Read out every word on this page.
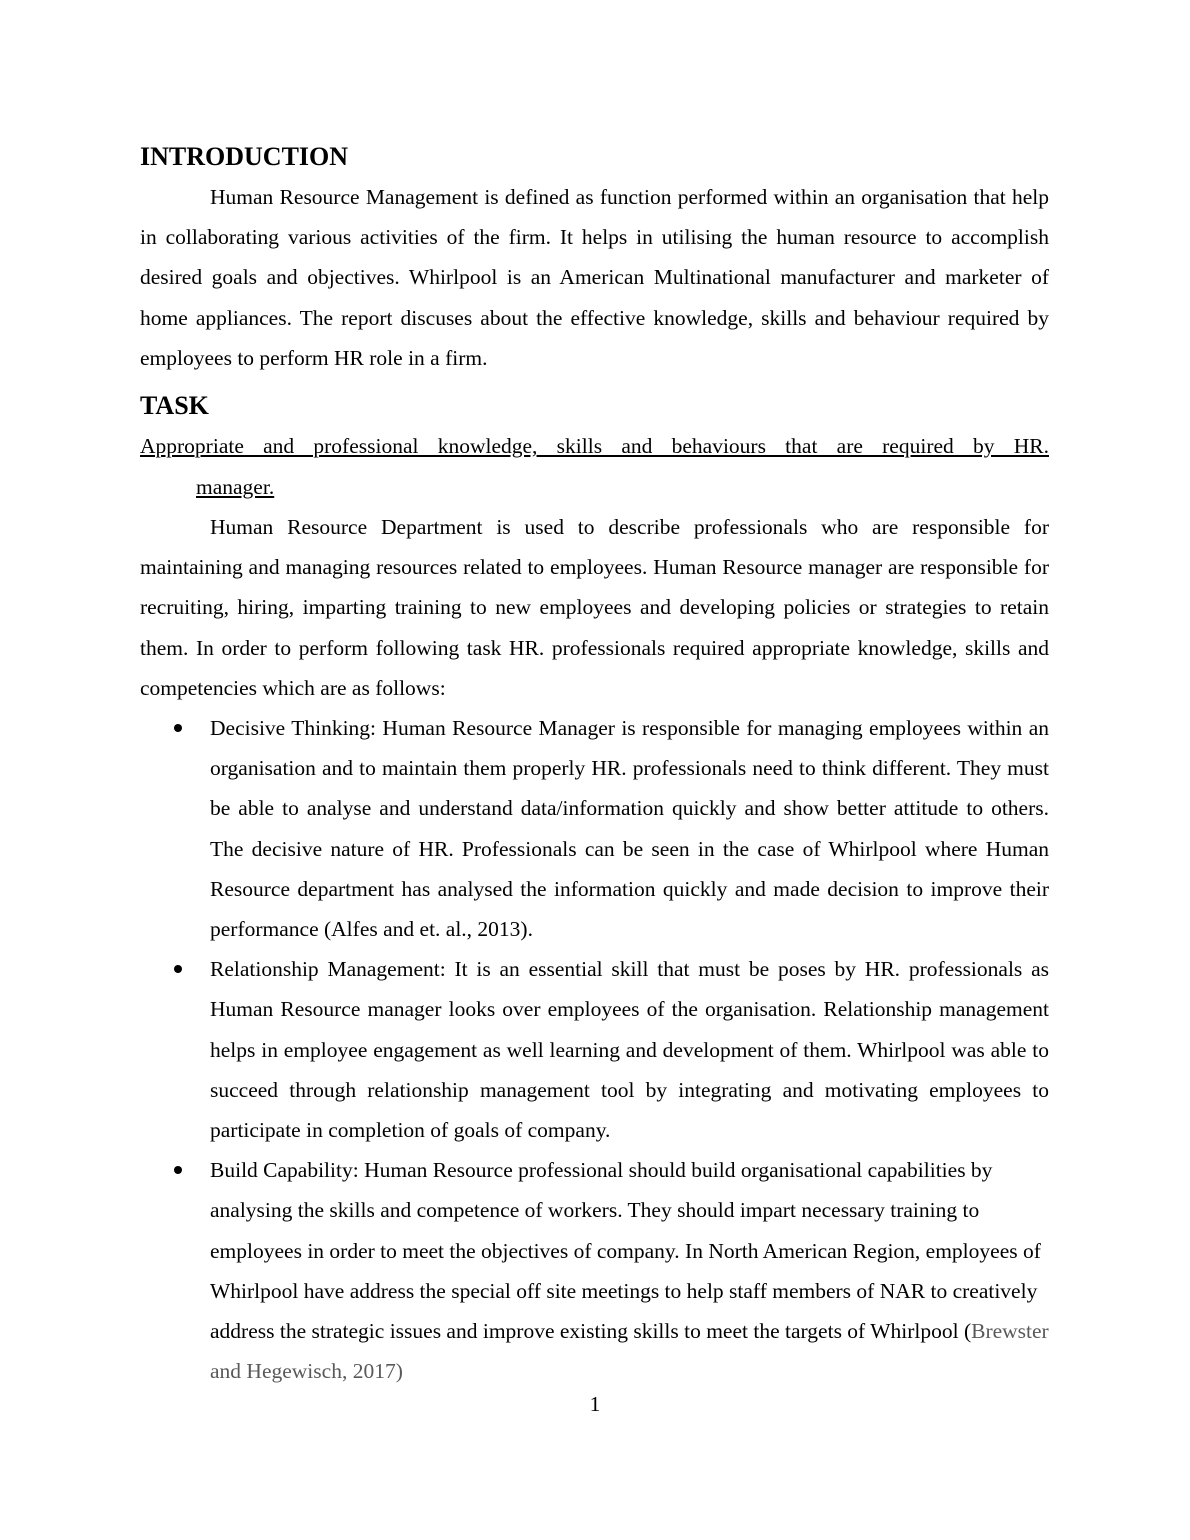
INTRODUCTION

Human Resource Management is defined as function performed within an organisation that help in collaborating various activities of the firm. It helps in utilising the human resource to accomplish desired goals and objectives. Whirlpool is an American Multinational manufacturer and marketer of home appliances. The report discuses about the effective knowledge, skills and behaviour required by employees to perform HR role in a firm.

TASK

Appropriate and professional knowledge, skills and behaviours that are required by HR.

manager.

Human Resource Department is used to describe professionals who are responsible for maintaining and managing resources related to employees. Human Resource manager are responsible for recruiting, hiring, imparting training to new employees and developing policies or strategies to retain them. In order to perform following task HR. professionals required appropriate knowledge, skills and competencies which are as follows:

Decisive Thinking: Human Resource Manager is responsible for managing employees within an organisation and to maintain them properly HR. professionals need to think different. They must be able to analyse and understand data/information quickly and show better attitude to others. The decisive nature of HR. Professionals can be seen in the case of Whirlpool where Human Resource department has analysed the information quickly and made decision to improve their performance (Alfes and et. al., 2013).
Relationship Management: It is an essential skill that must be poses by HR. professionals as Human Resource manager looks over employees of the organisation. Relationship management helps in employee engagement as well learning and development of them. Whirlpool was able to succeed through relationship management tool by integrating and motivating employees to participate in completion of goals of company.
Build Capability: Human Resource professional should build organisational capabilities by analysing the skills and competence of workers. They should impart necessary training to employees in order to meet the objectives of company. In North American Region, employees of Whirlpool have address the special off site meetings to help staff members of NAR to creatively address the strategic issues and improve existing skills to meet the targets of Whirlpool (Brewster and Hegewisch, 2017)
1
